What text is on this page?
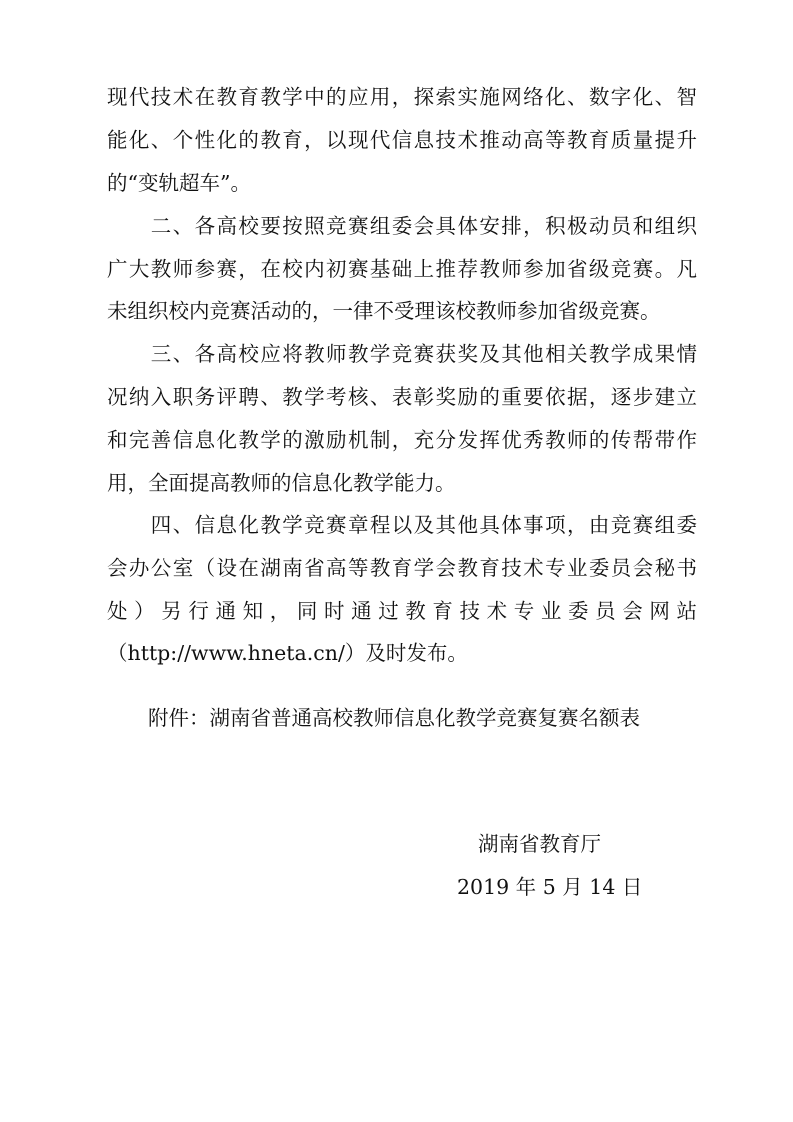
现代技术在教育教学中的应用，探索实施网络化、数字化、智
能化、个性化的教育，以现代信息技术推动高等教育质量提升
的“变轨超车”。
　　二、各高校要按照竞赛组委会具体安排，积极动员和组织
广大教师参赛，在校内初赛基础上推荐教师参加省级竞赛。凡
未组织校内竞赛活动的，一律不受理该校教师参加省级竞赛。
　　三、各高校应将教师教学竞赛获奖及其他相关教学成果情
况纳入职务评聘、教学考核、表彰奖励的重要依据，逐步建立
和完善信息化教学的激励机制，充分发挥优秀教师的传帮带作
用，全面提高教师的信息化教学能力。
　　四、信息化教学竞赛章程以及其他具体事项，由竞赛组委
会办公室（设在湖南省高等教育学会教育技术专业委员会秘书
处）另行通知，同时通过教育技术专业委员会网站
（http://www.hneta.cn/）及时发布。
附件：湖南省普通高校教师信息化教学竞赛复赛名额表
湖南省教育厅
2019 年 5 月 14 日
